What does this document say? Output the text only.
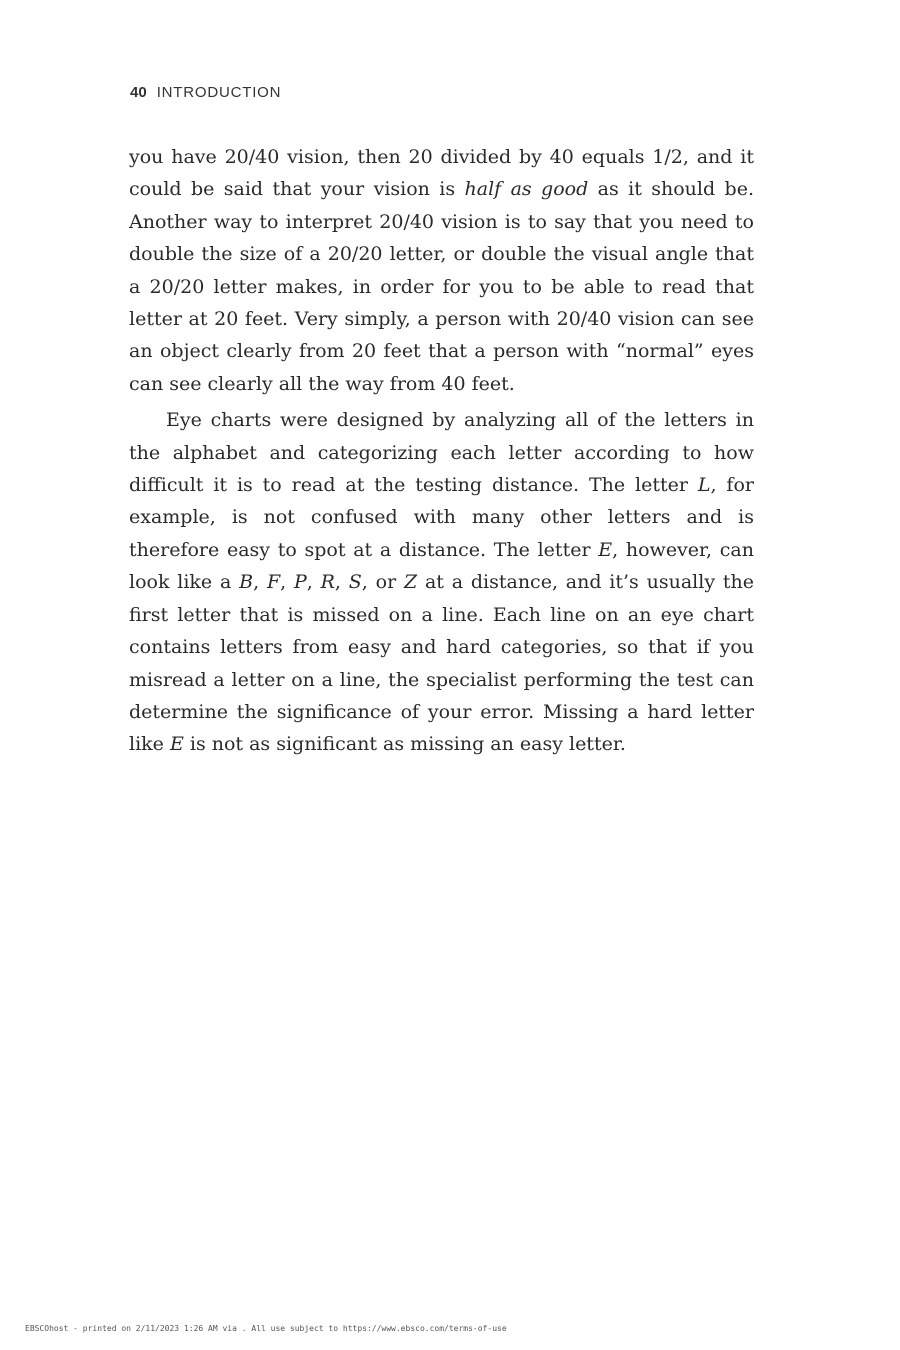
40 INTRODUCTION

you have 20/40 vision, then 20 divided by 40 equals 1/2, and it could be said that your vision is half as good as it should be. Another way to interpret 20/40 vision is to say that you need to double the size of a 20/20 letter, or double the visual angle that a 20/20 letter makes, in order for you to be able to read that letter at 20 feet. Very simply, a person with 20/40 vision can see an object clearly from 20 feet that a person with “normal” eyes can see clearly all the way from 40 feet.

Eye charts were designed by analyzing all of the letters in the alphabet and categorizing each letter according to how difficult it is to read at the testing distance. The letter L, for example, is not confused with many other letters and is therefore easy to spot at a distance. The letter E, however, can look like a B, F, P, R, S, or Z at a distance, and it’s usually the first letter that is missed on a line. Each line on an eye chart contains letters from easy and hard categories, so that if you misread a letter on a line, the specialist performing the test can determine the significance of your error. Missing a hard letter like E is not as significant as missing an easy letter.

EBSCOhost - printed on 2/11/2023 1:26 AM via . All use subject to https://www.ebsco.com/terms-of-use
